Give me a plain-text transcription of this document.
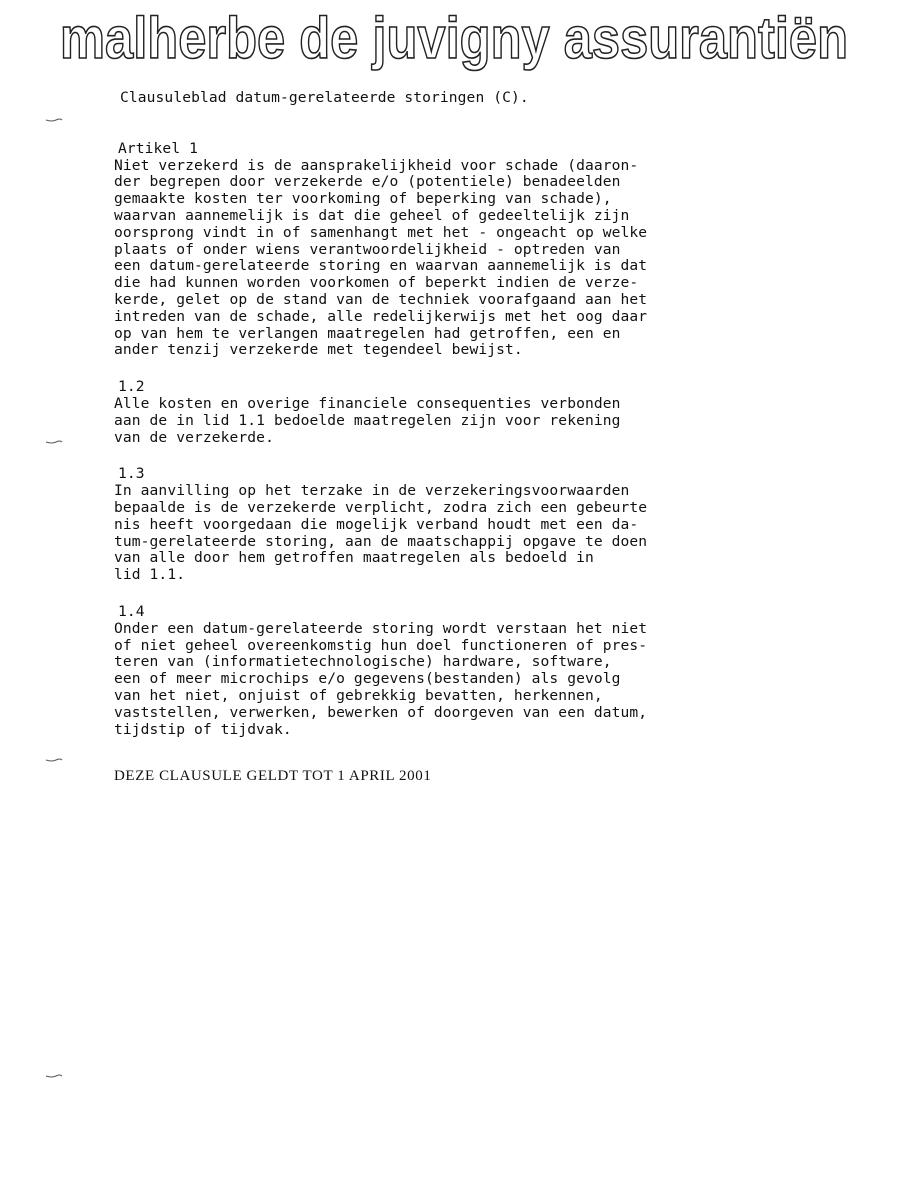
malherbe de juvigny assurantiën
Clausuleblad datum-gerelateerde storingen (C).
Artikel 1
Niet verzekerd is de aansprakelijkheid voor schade (daaron-
der begrepen door verzekerde e/o (potentiele) benadeelden
gemaakte kosten ter voorkoming of beperking van schade),
waarvan aannemelijk is dat die geheel of gedeeltelijk zijn
oorsprong vindt in of samenhangt met het - ongeacht op welke
plaats of onder wiens verantwoordelijkheid - optreden van
een datum-gerelateerde storing en waarvan aannemelijk is dat
die had kunnen worden voorkomen of beperkt indien de verze-
kerde, gelet op de stand van de techniek voorafgaand aan het
intreden van de schade, alle redelijkerwijs met het oog daar
op van hem te verlangen maatregelen had getroffen, een en
ander tenzij verzekerde met tegendeel bewijst.
1.2
Alle kosten en overige financiele consequenties verbonden
aan de in lid 1.1 bedoelde maatregelen zijn voor rekening
van de verzekerde.
1.3
In aanvilling op het terzake in de verzekeringsvoorwaarden
bepaalde is de verzekerde verplicht, zodra zich een gebeurte
nis heeft voorgedaan die mogelijk verband houdt met een da-
tum-gerelateerde storing, aan de maatschappij opgave te doen
van alle door hem getroffen maatregelen als bedoeld in
lid 1.1.
1.4
Onder een datum-gerelateerde storing wordt verstaan het niet
of niet geheel overeenkomstig hun doel functioneren of pres-
teren van (informatietechnologische) hardware, software,
een of meer microchips e/o gegevens(bestanden) als gevolg
van het niet, onjuist of gebrekkig bevatten, herkennen,
vaststellen, verwerken, bewerken of doorgeven van een datum,
tijdstip of tijdvak.
DEZE CLAUSULE GELDT TOT 1 APRIL 2001
